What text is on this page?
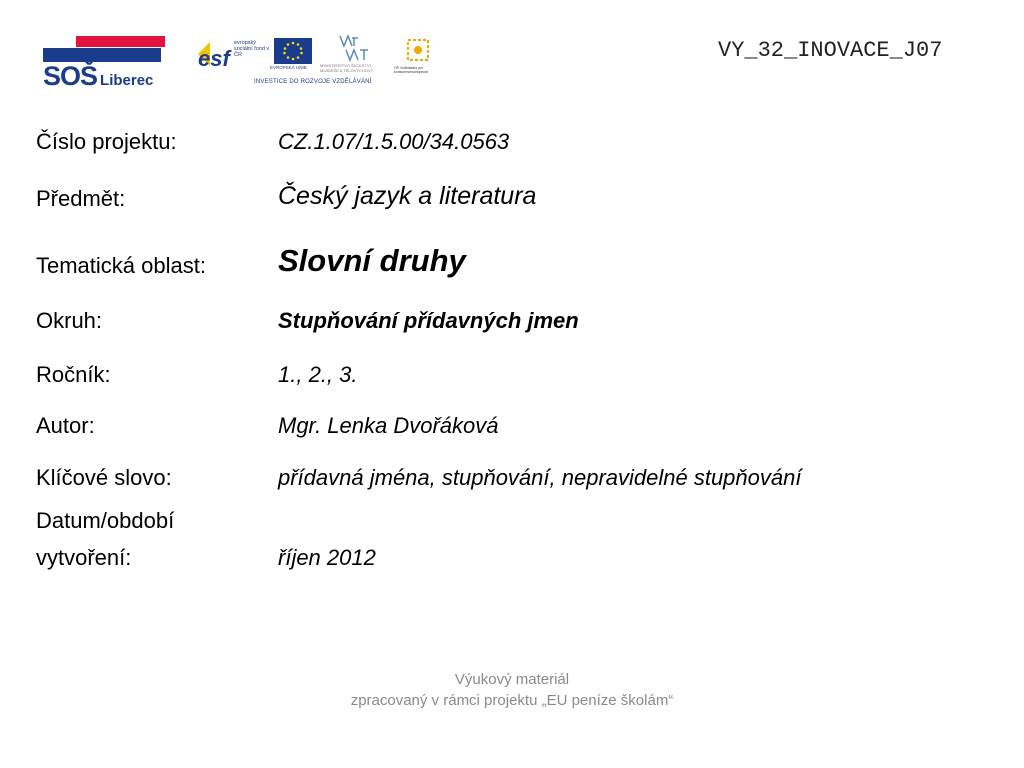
SOŠ Liberec
esf
evropský sociální fond v ČR
EVROPSKÁ UNIE	MINISTERSTVO ŠKOLSTVÍ, MLÁDEŽE A TĚLOVÝCHOVY	OP Vzdělávání pro konkurenceschopnost
INVESTICE DO ROZVOJE VZDĚLÁVÁNÍ
VY_32_INOVACE_J07
Číslo projektu:	CZ.1.07/1.5.00/34.0563
Předmět:	Český jazyk a literatura
Tematická oblast: Slovní druhy
Okruh:	Stupňování přídavných jmen
Ročník:	1., 2., 3.
Autor:	Mgr. Lenka Dvořáková
Klíčové slovo:	přídavná jména, stupňování, nepravidelné stupňování
Datum/období
vytvoření:	říjen 2012
Výukový materiál
zpracovaný v rámci projektu „EU peníze školám“
